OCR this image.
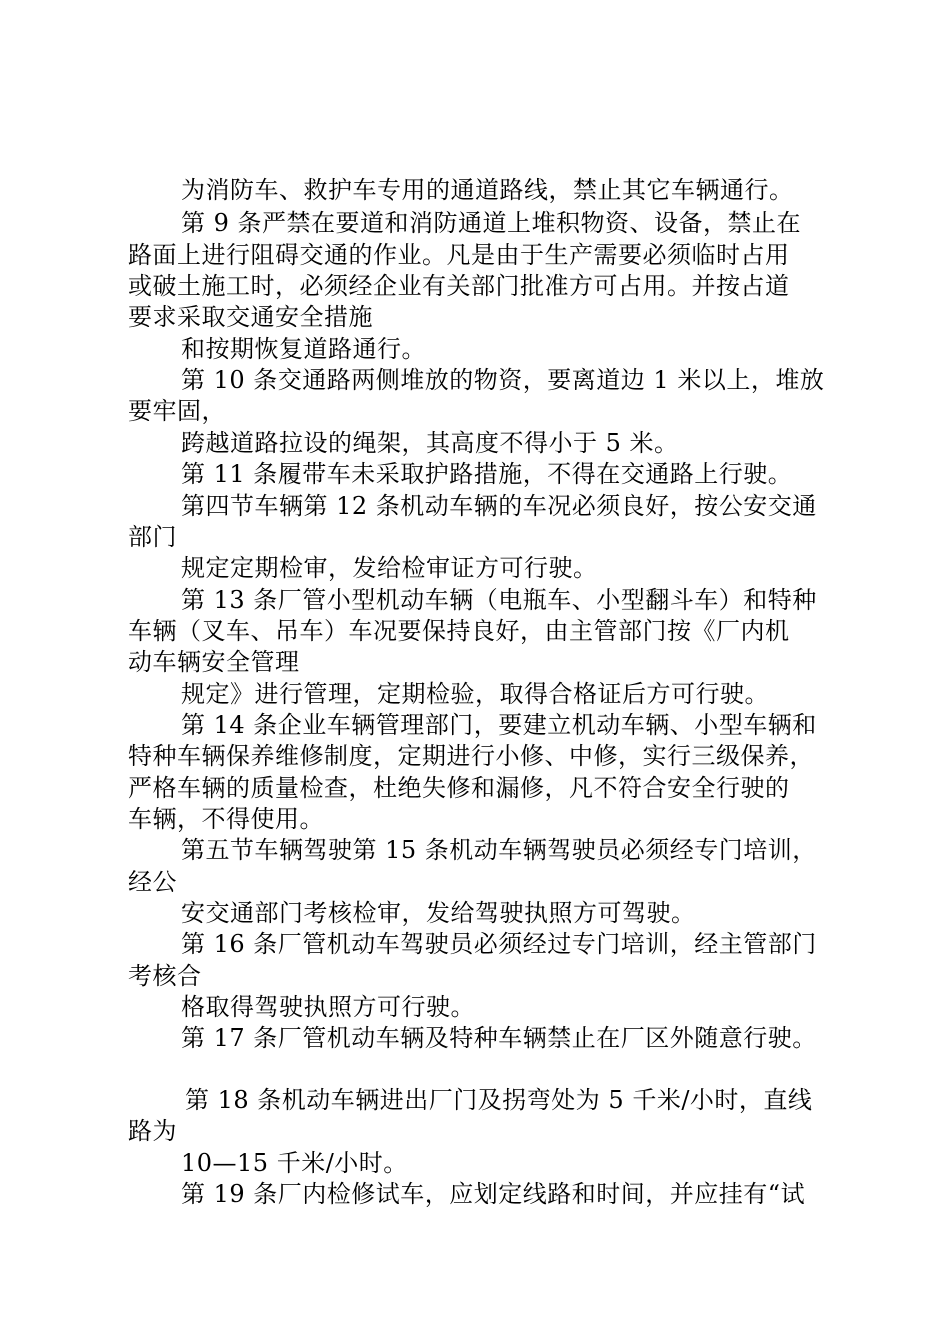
为消防车、救护车专用的通道路线，禁止其它车辆通行。
第 9 条严禁在要道和消防通道上堆积物资、设备，禁止在
路面上进行阻碍交通的作业。凡是由于生产需要必须临时占用
或破土施工时，必须经企业有关部门批准方可占用。并按占道
要求采取交通安全措施
和按期恢复道路通行。
第 10 条交通路两侧堆放的物资，要离道边 1 米以上，堆放
要牢固，
跨越道路拉设的绳架，其高度不得小于 5 米。
第 11 条履带车未采取护路措施，不得在交通路上行驶。
第四节车辆第 12 条机动车辆的车况必须良好，按公安交通
部门
规定定期检审，发给检审证方可行驶。
第 13 条厂管小型机动车辆（电瓶车、小型翻斗车）和特种
车辆（叉车、吊车）车况要保持良好，由主管部门按《厂内机
动车辆安全管理
规定》进行管理，定期检验，取得合格证后方可行驶。
第 14 条企业车辆管理部门，要建立机动车辆、小型车辆和
特种车辆保养维修制度，定期进行小修、中修，实行三级保养，
严格车辆的质量检查，杜绝失修和漏修，凡不符合安全行驶的
车辆，不得使用。
第五节车辆驾驶第 15 条机动车辆驾驶员必须经专门培训，
经公
安交通部门考核检审，发给驾驶执照方可驾驶。
第 16 条厂管机动车驾驶员必须经过专门培训，经主管部门
考核合
格取得驾驶执照方可行驶。
第 17 条厂管机动车辆及特种车辆禁止在厂区外随意行驶。
第 18 条机动车辆进出厂门及拐弯处为 5 千米/小时，直线
路为
10—15 千米/小时。
第 19 条厂内检修试车，应划定线路和时间，并应挂有“试
